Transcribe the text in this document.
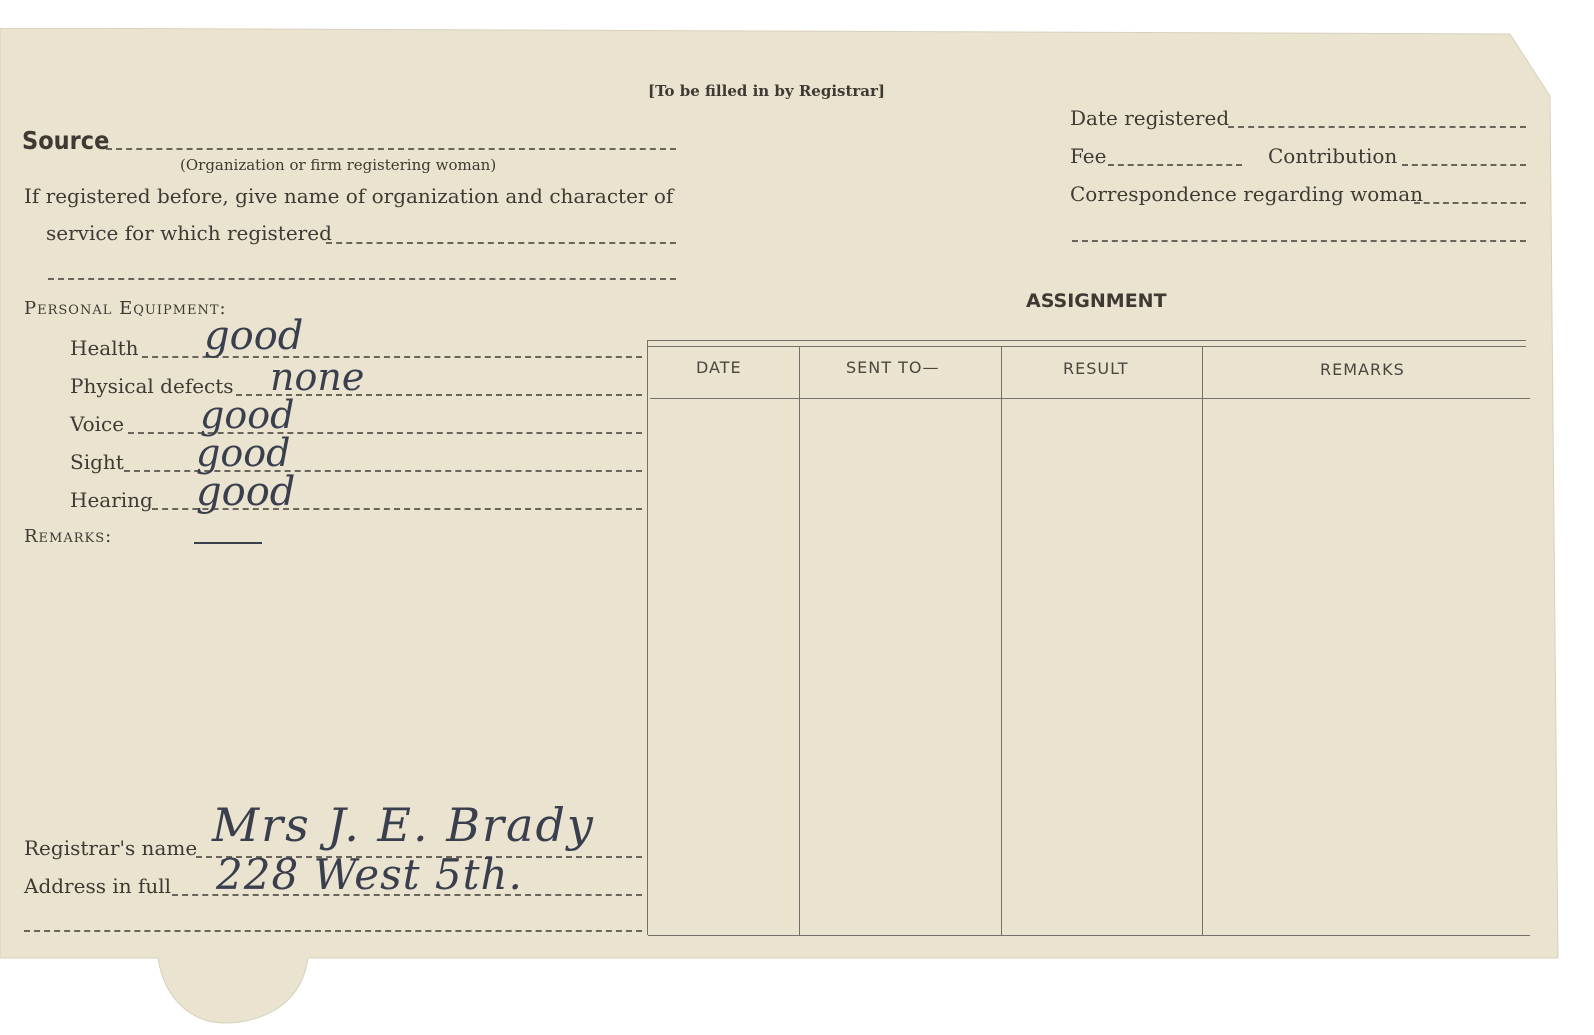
[To be filled in by Registrar]
Source
(Organization or firm registering woman)
If registered before, give name of organization and character of
service for which registered
Date registered
Fee	Contribution
Correspondence regarding woman
Personal Equipment:
Health good
Physical defects none
Voice good
Sight good
Hearing good
Remarks:
ASSIGNMENT
DATE	SENT TO—	RESULT	REMARKS
Registrar's name Mrs J. E. Brady
Address in full 228 West 5th.
